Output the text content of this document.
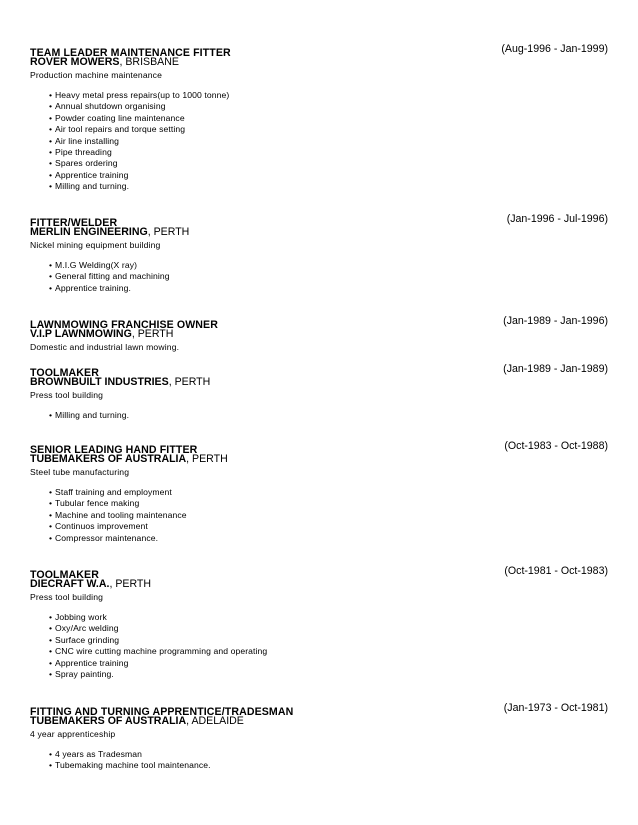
TEAM LEADER MAINTENANCE FITTER	(Aug-1996 - Jan-1999)
ROVER MOWERS, BRISBANE
Production machine maintenance
• Heavy metal press repairs(up to 1000 tonne)
• Annual shutdown organising
• Powder coating line maintenance
• Air tool repairs and torque setting
• Air line installing
• Pipe threading
• Spares ordering
• Apprentice training
• Milling and turning.
FITTER/WELDER	(Jan-1996 - Jul-1996)
MERLIN ENGINEERING, PERTH
Nickel mining equipment building
• M.I.G Welding(X ray)
• General fitting and machining
• Apprentice training.
LAWNMOWING FRANCHISE OWNER	(Jan-1989 - Jan-1996)
V.I.P LAWNMOWING, PERTH
Domestic and industrial lawn mowing.
TOOLMAKER	(Jan-1989 - Jan-1989)
BROWNBUILT INDUSTRIES, PERTH
Press tool building
• Milling and turning.
SENIOR LEADING HAND FITTER	(Oct-1983 - Oct-1988)
TUBEMAKERS OF AUSTRALIA, PERTH
Steel tube manufacturing
• Staff training and employment
• Tubular fence making
• Machine and tooling maintenance
• Continuos improvement
• Compressor maintenance.
TOOLMAKER	(Oct-1981 - Oct-1983)
DIECRAFT W.A., PERTH
Press tool building
• Jobbing work
• Oxy/Arc welding
• Surface grinding
• CNC wire cutting machine programming and operating
• Apprentice training
• Spray painting.
FITTING AND TURNING APPRENTICE/TRADESMAN	(Jan-1973 - Oct-1981)
TUBEMAKERS OF AUSTRALIA, ADELAIDE
4 year apprenticeship
• 4 years as Tradesman
• Tubemaking machine tool maintenance.
